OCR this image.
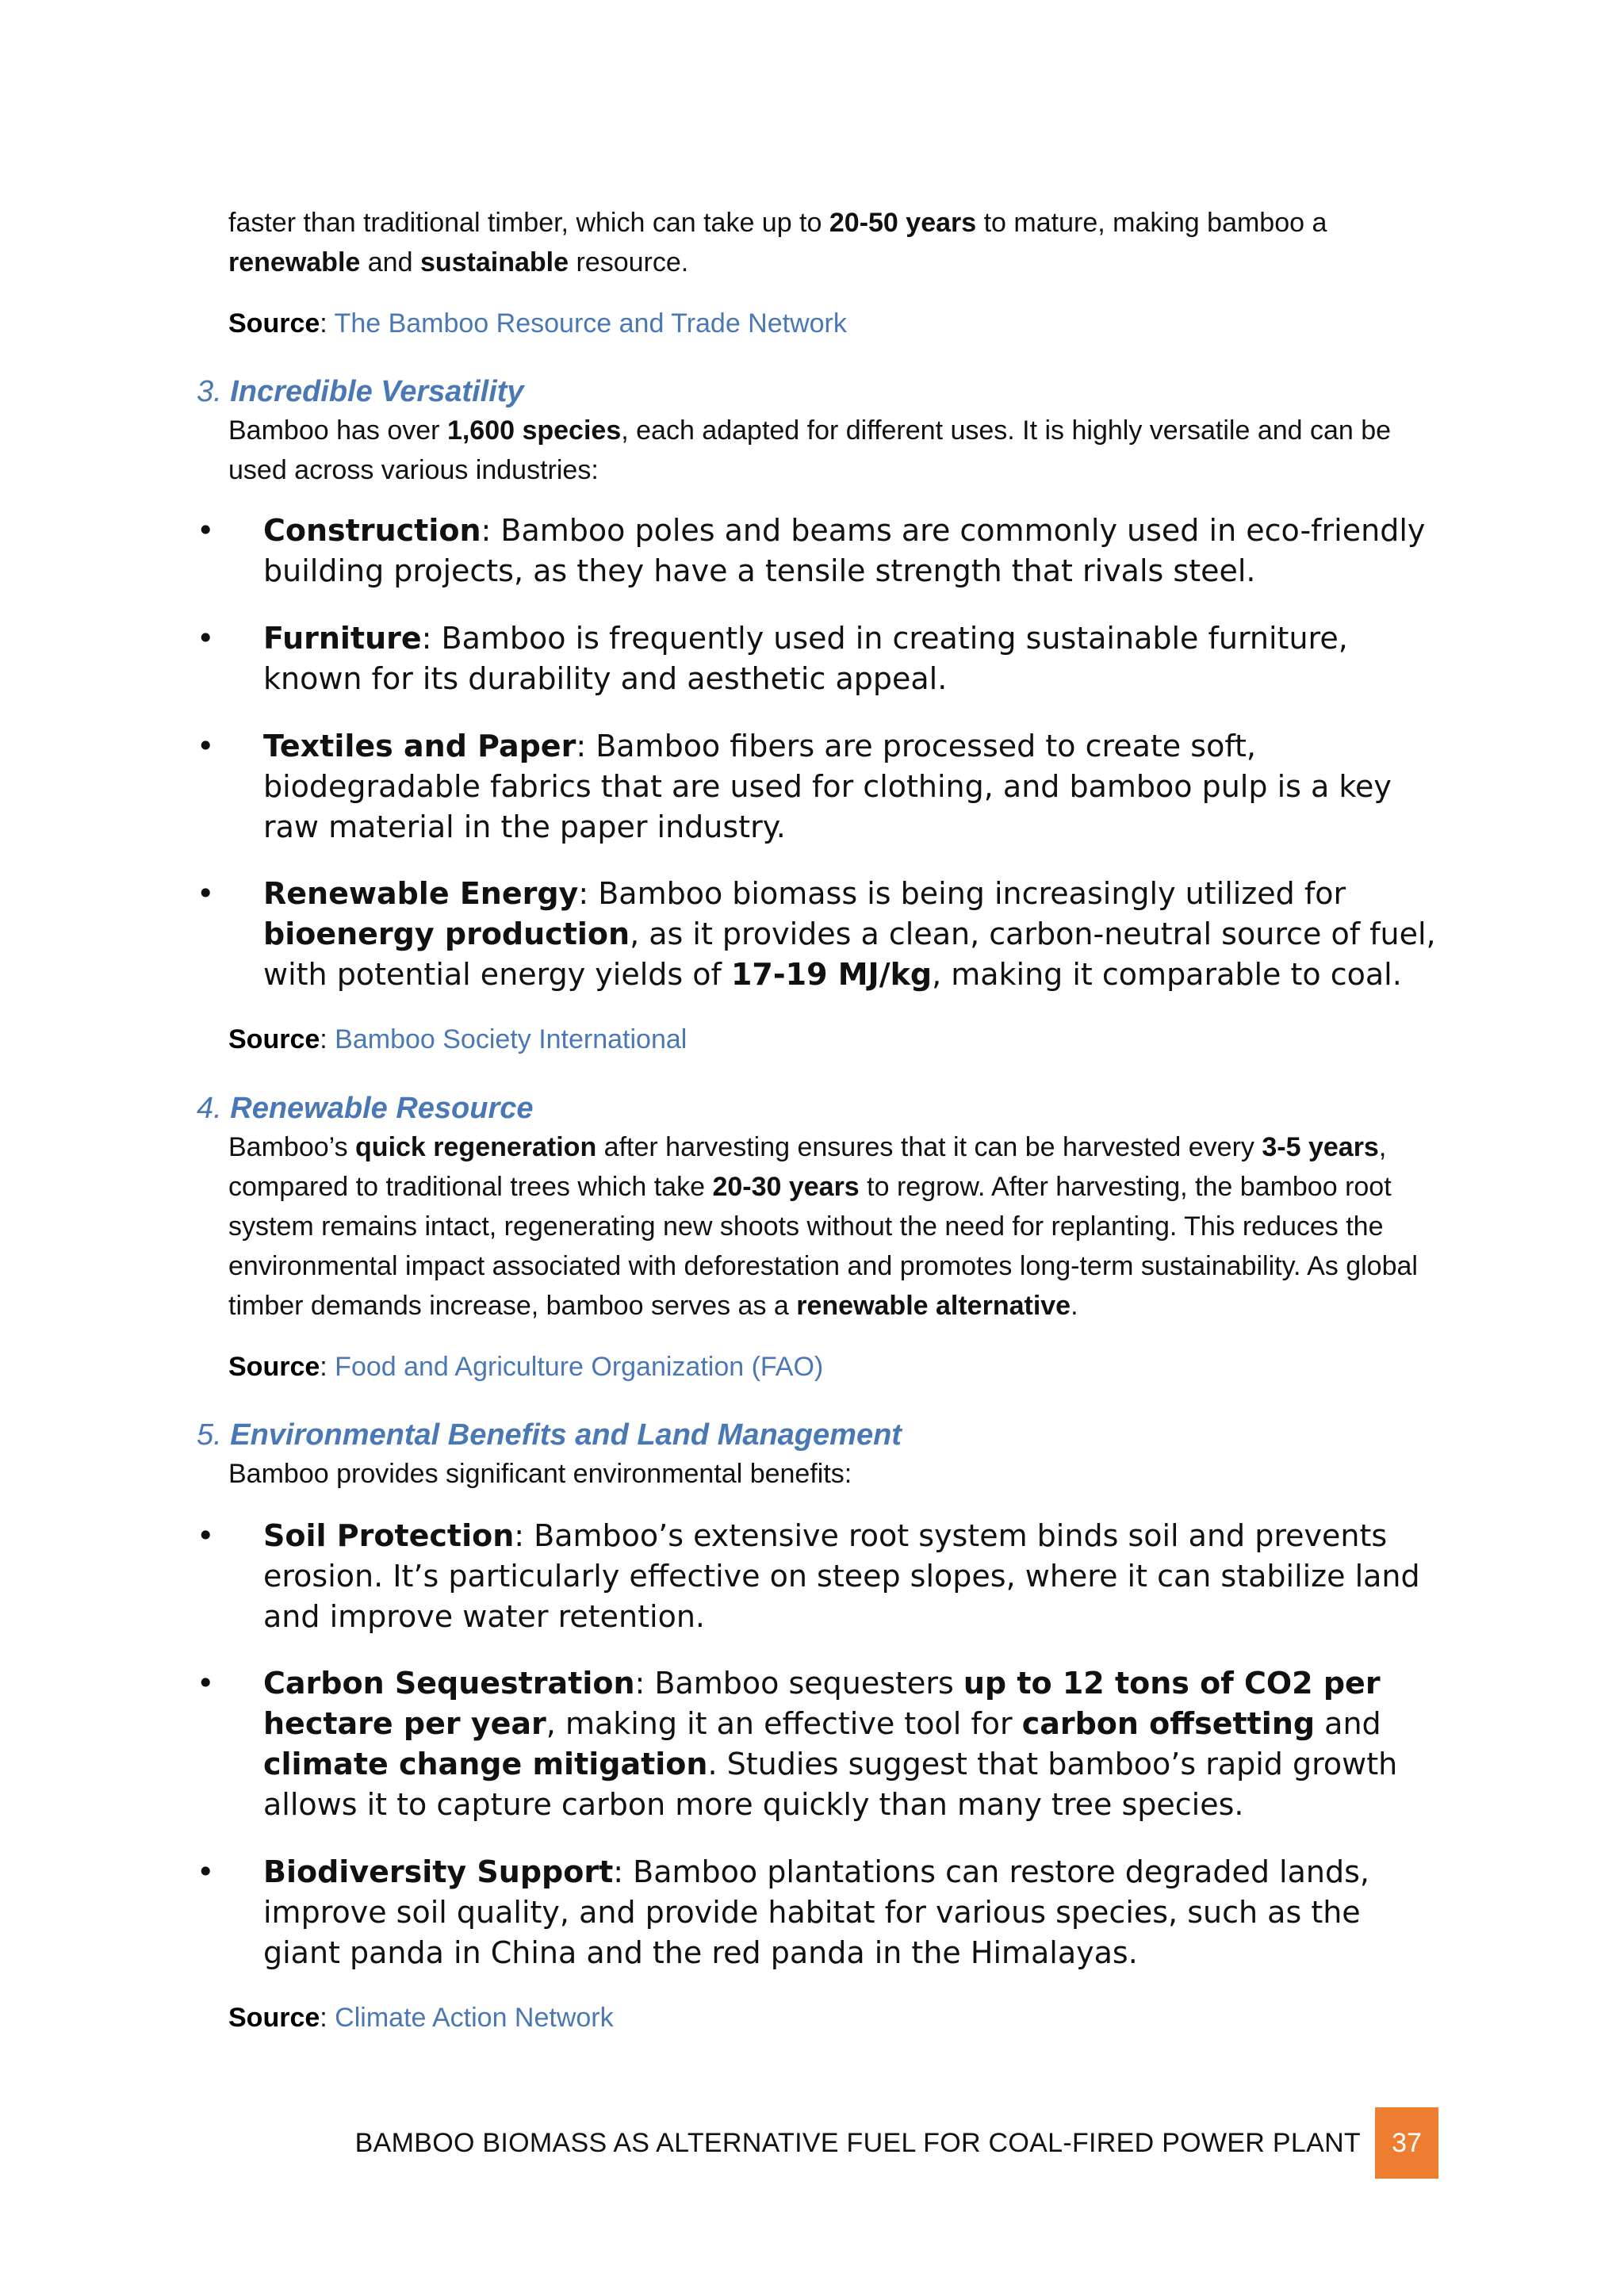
faster than traditional timber, which can take up to 20-50 years to mature, making bamboo a
renewable and sustainable resource.
Source: The Bamboo Resource and Trade Network
3. Incredible Versatility
Bamboo has over 1,600 species, each adapted for different uses. It is highly versatile and can be used across various industries:
•	Construction: Bamboo poles and beams are commonly used in eco-friendly building projects, as they have a tensile strength that rivals steel.
•	Furniture: Bamboo is frequently used in creating sustainable furniture, known for its durability and aesthetic appeal.
•	Textiles and Paper: Bamboo fibers are processed to create soft, biodegradable fabrics that are used for clothing, and bamboo pulp is a key raw material in the paper industry.
•	Renewable Energy: Bamboo biomass is being increasingly utilized for bioenergy production, as it provides a clean, carbon-neutral source of fuel, with potential energy yields of 17-19 MJ/kg, making it comparable to coal.
Source: Bamboo Society International
4. Renewable Resource
Bamboo’s quick regeneration after harvesting ensures that it can be harvested every 3-5 years, compared to traditional trees which take 20-30 years to regrow. After harvesting, the bamboo root system remains intact, regenerating new shoots without the need for replanting. This reduces the environmental impact associated with deforestation and promotes long-term sustainability. As global timber demands increase, bamboo serves as a renewable alternative.
Source: Food and Agriculture Organization (FAO)
5. Environmental Benefits and Land Management
Bamboo provides significant environmental benefits:
•	Soil Protection: Bamboo’s extensive root system binds soil and prevents erosion. It’s particularly effective on steep slopes, where it can stabilize land and improve water retention.
•	Carbon Sequestration: Bamboo sequesters up to 12 tons of CO2 per hectare per year, making it an effective tool for carbon offsetting and climate change mitigation. Studies suggest that bamboo’s rapid growth allows it to capture carbon more quickly than many tree species.
•	Biodiversity Support: Bamboo plantations can restore degraded lands, improve soil quality, and provide habitat for various species, such as the giant panda in China and the red panda in the Himalayas.
Source: Climate Action Network
BAMBOO BIOMASS AS ALTERNATIVE FUEL FOR COAL-FIRED POWER PLANT	37
